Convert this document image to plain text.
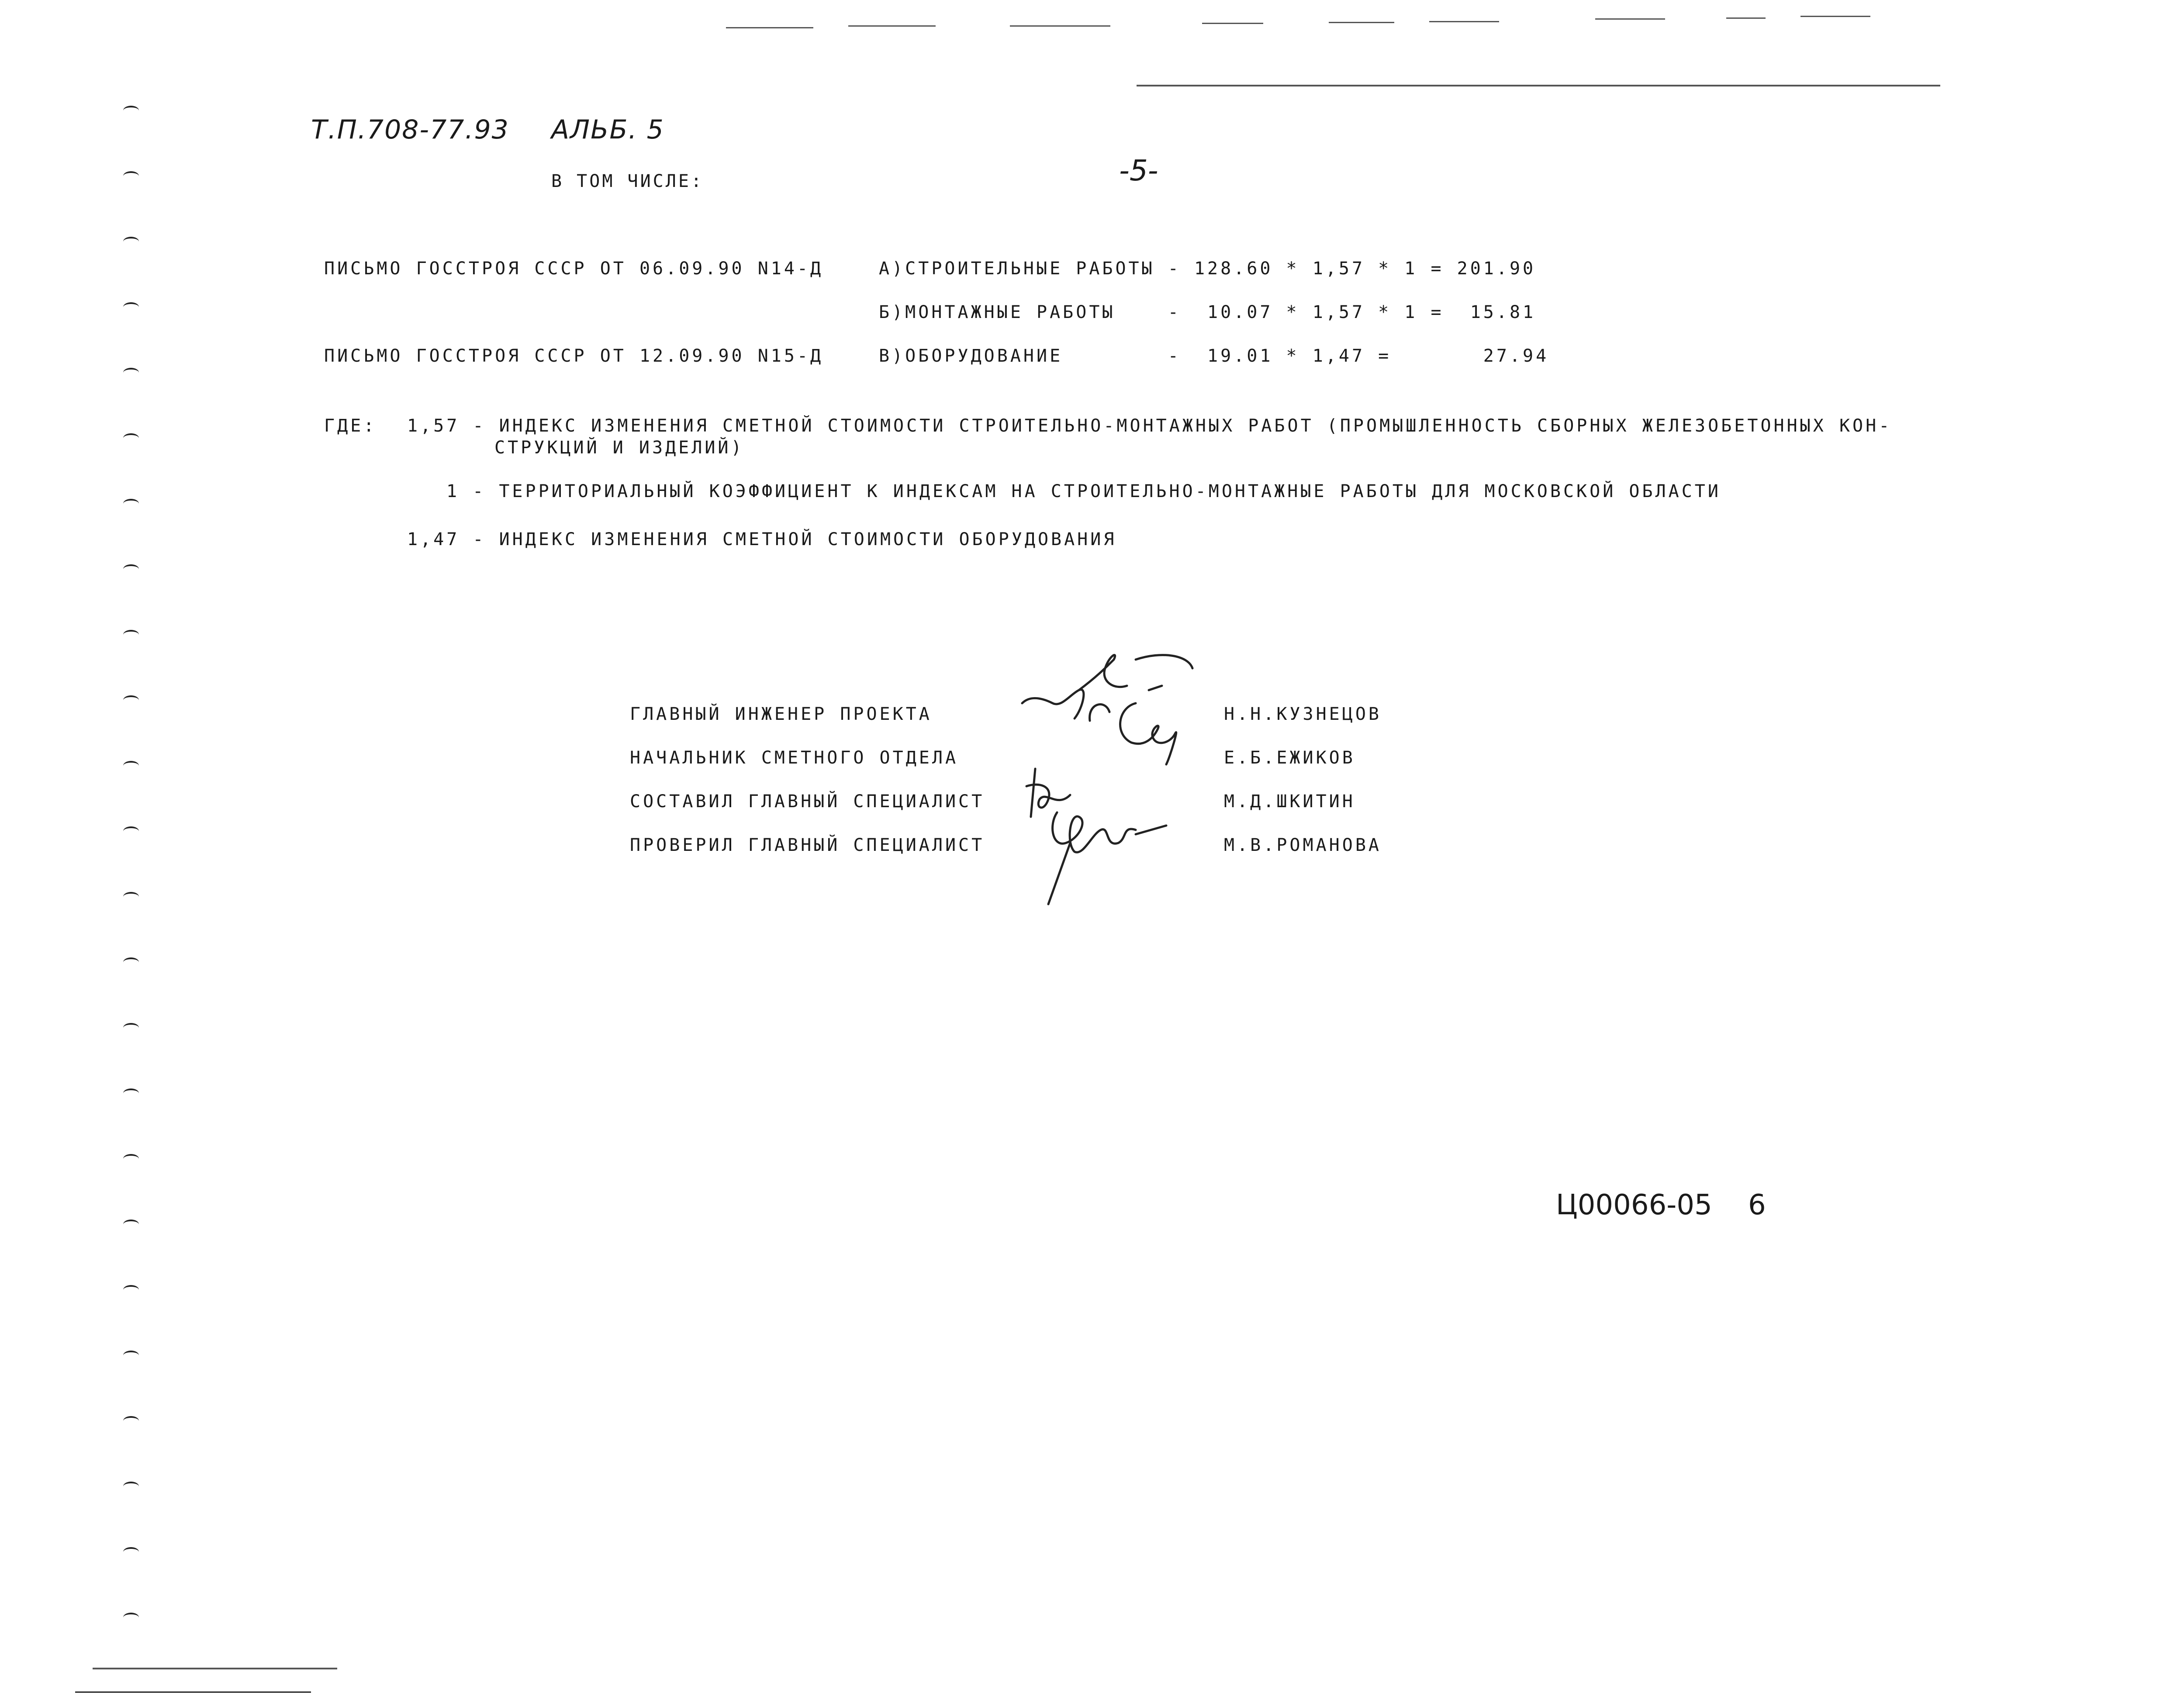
Т.П.708-77.93 АЛЬБ. 5
-5-
В ТОМ ЧИСЛЕ:
ПИСЬМО ГОССТРОЯ СССР ОТ 06.09.90 N14-Д
ПИСЬМО ГОССТРОЯ СССР ОТ 12.09.90 N15-Д
А)СТРОИТЕЛЬНЫЕ РАБОТЫ - 128.60 * 1,57 * 1 = 201.90
Б)МОНТАЖНЫЕ РАБОТЫ    -  10.07 * 1,57 * 1 =  15.81
В)ОБОРУДОВАНИЕ        -  19.01 * 1,47 =       27.94
ГДЕ: 1,57 - ИНДЕКС ИЗМЕНЕНИЯ СМЕТНОЙ СТОИМОСТИ СТРОИТЕЛЬНО-МОНТАЖНЫХ РАБОТ (ПРОМЫШЛЕННОСТЬ СБОРНЫХ ЖЕЛЕЗОБЕТОННЫХ КОН-
СТРУКЦИЙ И ИЗДЕЛИЙ)
1 - ТЕРРИТОРИАЛЬНЫЙ КОЭФФИЦИЕНТ К ИНДЕКСАМ НА СТРОИТЕЛЬНО-МОНТАЖНЫЕ РАБОТЫ ДЛЯ МОСКОВСКОЙ ОБЛАСТИ
1,47 - ИНДЕКС ИЗМЕНЕНИЯ СМЕТНОЙ СТОИМОСТИ ОБОРУДОВАНИЯ
ГЛАВНЫЙ ИНЖЕНЕР ПРОЕКТА
НАЧАЛЬНИК СМЕТНОГО ОТДЕЛА
СОСТАВИЛ ГЛАВНЫЙ СПЕЦИАЛИСТ
ПРОВЕРИЛ ГЛАВНЫЙ СПЕЦИАЛИСТ
Н.Н.КУЗНЕЦОВ
Е.Б.ЕЖИКОВ
М.Д.ШКИТИН
М.В.РОМАНОВА
Ц00066-05 6
